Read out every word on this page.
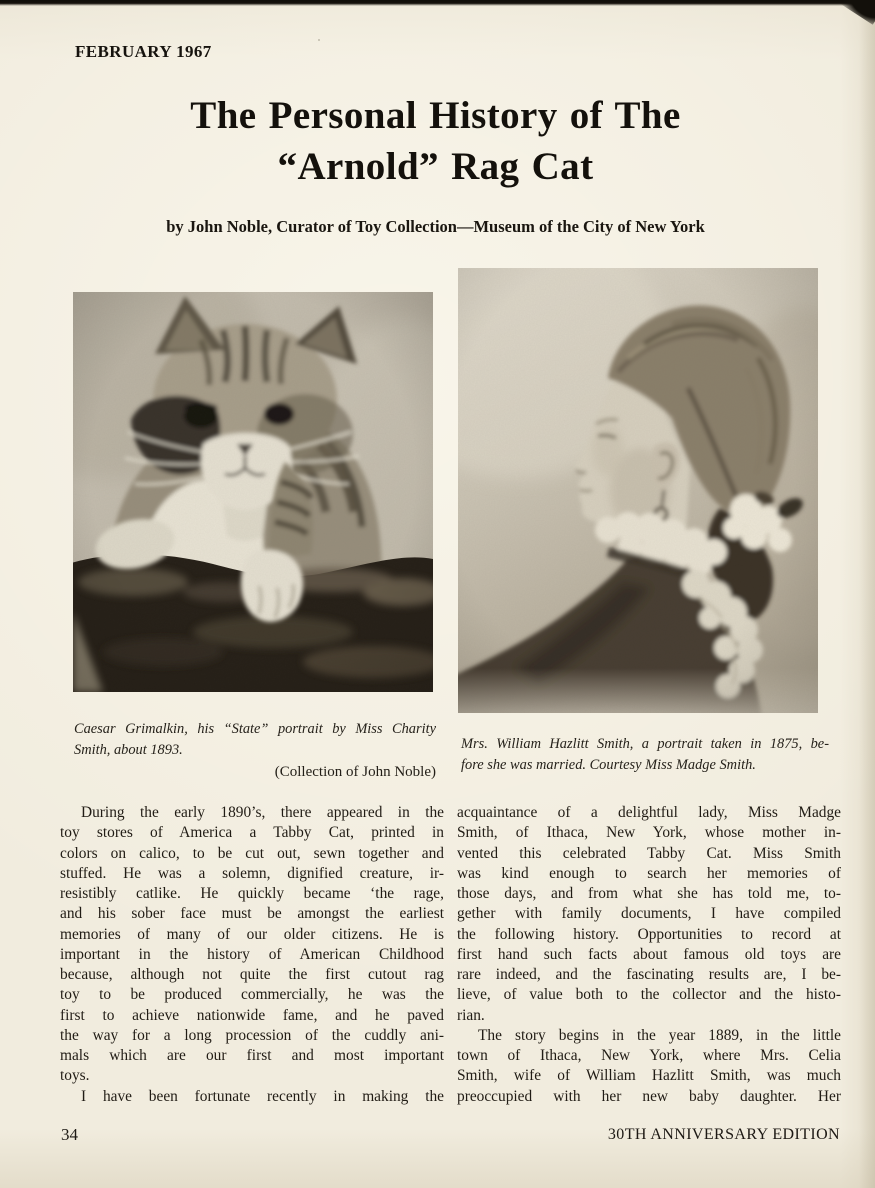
FEBRUARY 1967
The Personal History of The
“Arnold” Rag Cat
by John Noble, Curator of Toy Collection—Museum of the City of New York
Caesar Grimalkin, his “State” portrait by Miss Charity
Smith, about 1893.
(Collection of John Noble)
Mrs. William Hazlitt Smith, a portrait taken in 1875, be-
fore she was married. Courtesy Miss Madge Smith.
During the early 1890’s, there appeared in the
toy stores of America a Tabby Cat, printed in
colors on calico, to be cut out, sewn together and
stuffed. He was a solemn, dignified creature, ir-
resistibly catlike. He quickly became ‘the rage,
and his sober face must be amongst the earliest
memories of many of our older citizens. He is
important in the history of American Childhood
because, although not quite the first cutout rag
toy to be produced commercially, he was the
first to achieve nationwide fame, and he paved
the way for a long procession of the cuddly ani-
mals which are our first and most important
toys.
I have been fortunate recently in making the
acquaintance of a delightful lady, Miss Madge
Smith, of Ithaca, New York, whose mother in-
vented this celebrated Tabby Cat. Miss Smith
was kind enough to search her memories of
those days, and from what she has told me, to-
gether with family documents, I have compiled
the following history. Opportunities to record at
first hand such facts about famous old toys are
rare indeed, and the fascinating results are, I be-
lieve, of value both to the collector and the histo-
rian.
The story begins in the year 1889, in the little
town of Ithaca, New York, where Mrs. Celia
Smith, wife of William Hazlitt Smith, was much
preoccupied with her new baby daughter. Her
34	30TH ANNIVERSARY EDITION
